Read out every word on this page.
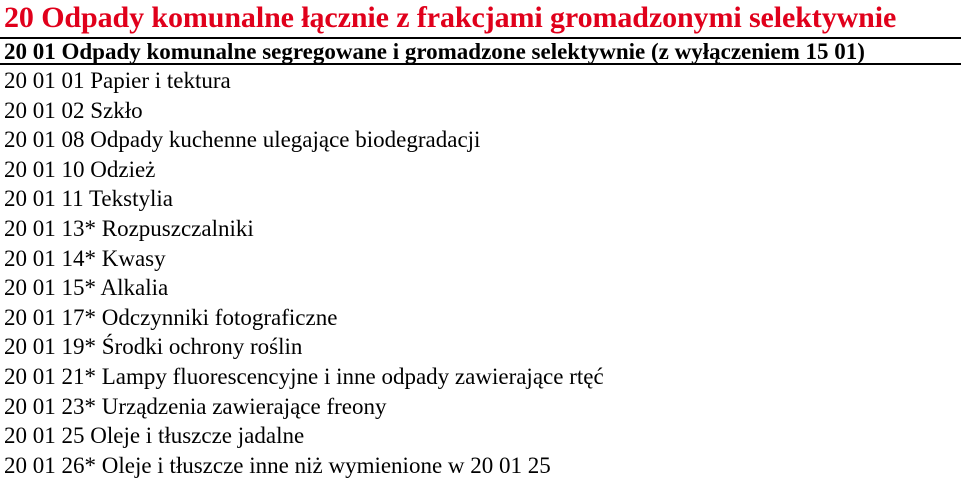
20 Odpady komunalne łącznie z frakcjami gromadzonymi selektywnie
20 01 Odpady komunalne segregowane i gromadzone selektywnie (z wyłączeniem 15 01)
20 01 01 Papier i tektura
20 01 02 Szkło
20 01 08 Odpady kuchenne ulegające biodegradacji
20 01 10 Odzież
20 01 11 Tekstylia
20 01 13* Rozpuszczalniki
20 01 14* Kwasy
20 01 15* Alkalia
20 01 17* Odczynniki fotograficzne
20 01 19* Środki ochrony roślin
20 01 21* Lampy fluorescencyjne i inne odpady zawierające rtęć
20 01 23* Urządzenia zawierające freony
20 01 25 Oleje i tłuszcze jadalne
20 01 26* Oleje i tłuszcze inne niż wymienione w 20 01 25
